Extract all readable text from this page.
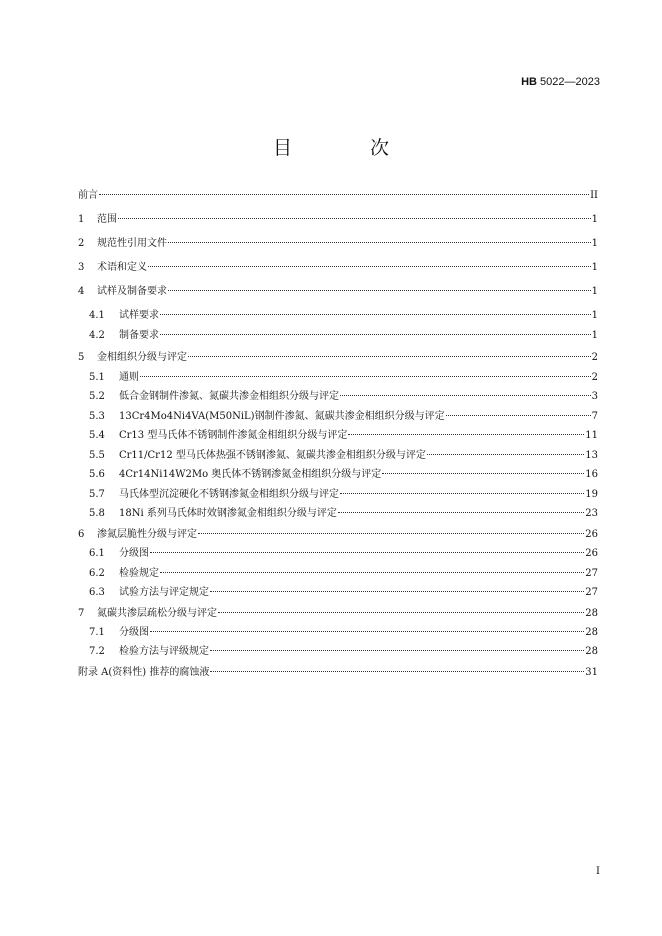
HB 5022—2023
目 次
前言	II
1	范围	1
2	规范性引用文件	1
3	术语和定义	1
4	试样及制备要求	1
4.1	试样要求	1
4.2	制备要求	1
5	金相组织分级与评定	2
5.1	通则	2
5.2	低合金钢制件渗氮、氮碳共渗金相组织分级与评定	3
5.3	13Cr4Mo4Ni4VA(M50NiL)钢制件渗氮、氮碳共渗金相组织分级与评定	7
5.4	Cr13 型马氏体不锈钢制件渗氮金相组织分级与评定	11
5.5	Cr11/Cr12 型马氏体热强不锈钢渗氮、氮碳共渗金相组织分级与评定	13
5.6	4Cr14Ni14W2Mo 奥氏体不锈钢渗氮金相组织分级与评定	16
5.7	马氏体型沉淀硬化不锈钢渗氮金相组织分级与评定	19
5.8	18Ni 系列马氏体时效钢渗氮金相组织分级与评定	23
6	渗氮层脆性分级与评定	26
6.1	分级图	26
6.2	检验规定	27
6.3	试验方法与评定规定	27
7	氮碳共渗层疏松分级与评定	28
7.1	分级图	28
7.2	检验方法与评级规定	28
附录 A(资料性) 推荐的腐蚀液	31
I
